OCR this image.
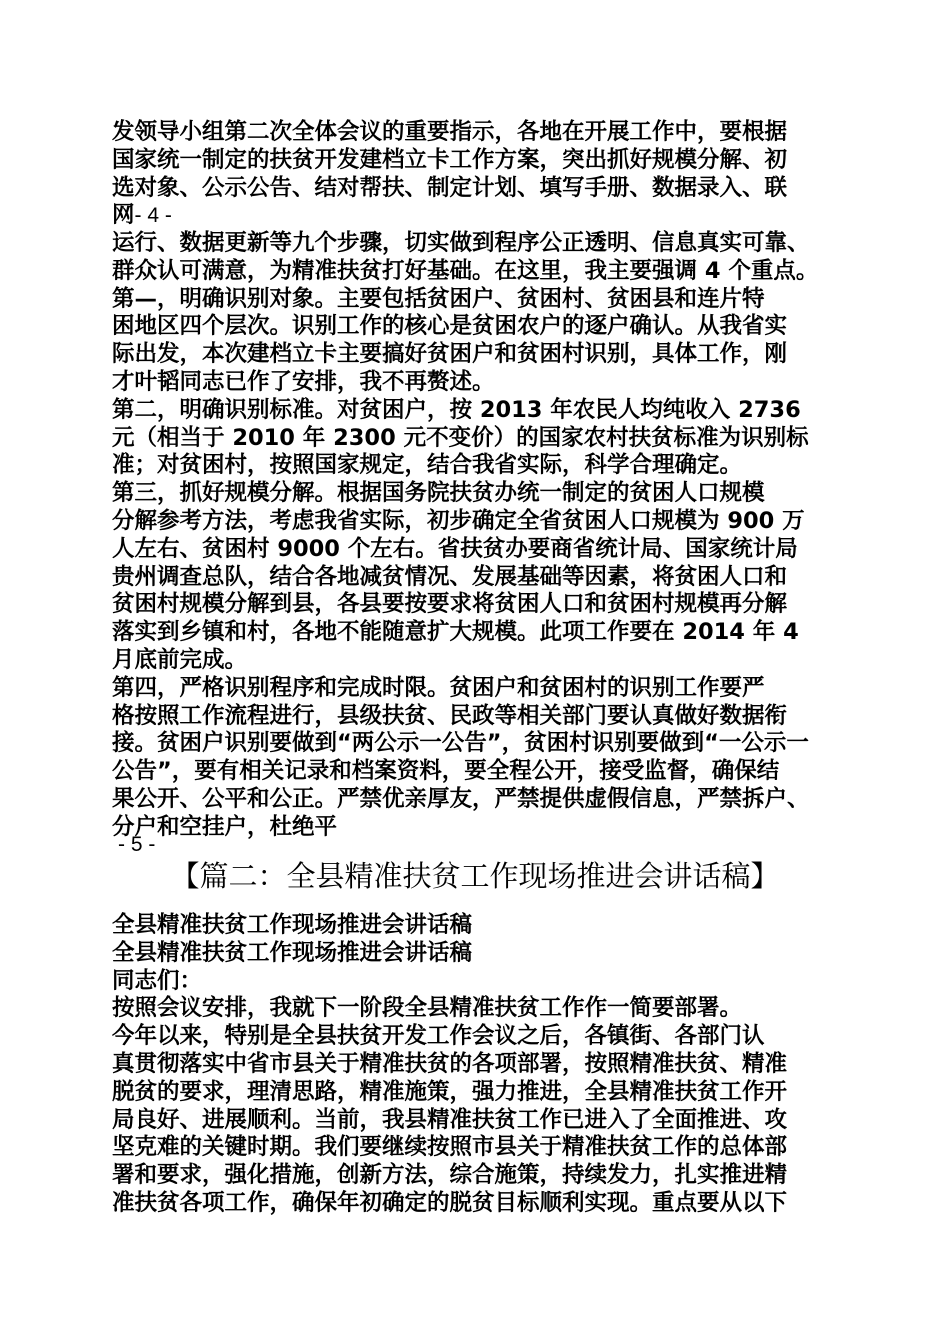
发领导小组第二次全体会议的重要指示，各地在开展工作中，要根据
国家统一制定的扶贫开发建档立卡工作方案，突出抓好规模分解、初
选对象、公示公告、结对帮扶、制定计划、填写手册、数据录入、联
网- 4 -
运行、数据更新等九个步骤，切实做到程序公正透明、信息真实可靠、
群众认可满意，为精准扶贫打好基础。在这里，我主要强调 4 个重点。
第—，明确识别对象。主要包括贫困户、贫困村、贫困县和连片特
困地区四个层次。识别工作的核心是贫困农户的逐户确认。从我省实
际出发，本次建档立卡主要搞好贫困户和贫困村识别，具体工作，刚
才叶韬同志已作了安排，我不再赘述。
第二，明确识别标准。对贫困户，按 2013 年农民人均纯收入 2736
元（相当于 2010 年 2300 元不变价）的国家农村扶贫标准为识别标
准；对贫困村，按照国家规定，结合我省实际，科学合理确定。
第三，抓好规模分解。根据国务院扶贫办统一制定的贫困人口规模
分解参考方法，考虑我省实际，初步确定全省贫困人口规模为 900 万
人左右、贫困村 9000 个左右。省扶贫办要商省统计局、国家统计局
贵州调查总队，结合各地减贫情况、发展基础等因素，将贫困人口和
贫困村规模分解到县，各县要按要求将贫困人口和贫困村规模再分解
落实到乡镇和村，各地不能随意扩大规模。此项工作要在 2014 年 4
月底前完成。
第四，严格识别程序和完成时限。贫困户和贫困村的识别工作要严
格按照工作流程进行，县级扶贫、民政等相关部门要认真做好数据衔
接。贫困户识别要做到“两公示一公告”，贫困村识别要做到“一公示一
公告”，要有相关记录和档案资料，要全程公开，接受监督，确保结
果公开、公平和公正。严禁优亲厚友，严禁提供虚假信息，严禁拆户、
分户和空挂户，杜绝平
- 5 -
【篇二：全县精准扶贫工作现场推进会讲话稿】
全县精准扶贫工作现场推进会讲话稿
全县精准扶贫工作现场推进会讲话稿
同志们：
按照会议安排，我就下一阶段全县精准扶贫工作作一简要部署。
今年以来，特别是全县扶贫开发工作会议之后，各镇街、各部门认
真贯彻落实中省市县关于精准扶贫的各项部署，按照精准扶贫、精准
脱贫的要求，理清思路，精准施策，强力推进，全县精准扶贫工作开
局良好、进展顺利。当前，我县精准扶贫工作已进入了全面推进、攻
坚克难的关键时期。我们要继续按照市县关于精准扶贫工作的总体部
署和要求，强化措施，创新方法，综合施策，持续发力，扎实推进精
准扶贫各项工作，确保年初确定的脱贫目标顺利实现。重点要从以下
